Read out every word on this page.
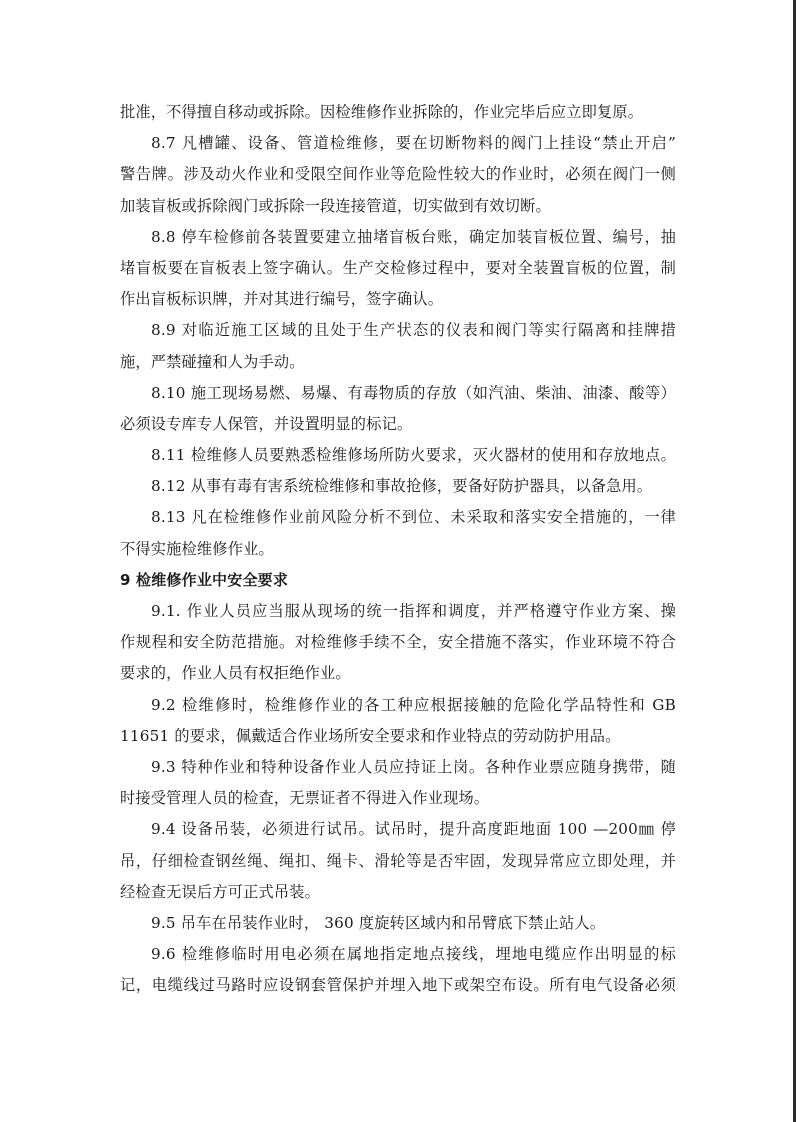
批准，不得擅自移动或拆除。因检维修作业拆除的，作业完毕后应立即复原。
8.7 凡槽罐、设备、管道检维修，要在切断物料的阀门上挂设“禁止开启”
警告牌。涉及动火作业和受限空间作业等危险性较大的作业时，必须在阀门一侧
加装盲板或拆除阀门或拆除一段连接管道，切实做到有效切断。
8.8 停车检修前各装置要建立抽堵盲板台账，确定加装盲板位置、编号，抽
堵盲板要在盲板表上签字确认。生产交检修过程中，要对全装置盲板的位置，制
作出盲板标识牌，并对其进行编号，签字确认。
8.9 对临近施工区域的且处于生产状态的仪表和阀门等实行隔离和挂牌措
施，严禁碰撞和人为手动。
8.10 施工现场易燃、易爆、有毒物质的存放（如汽油、柴油、油漆、酸等）
必须设专库专人保管，并设置明显的标记。
8.11 检维修人员要熟悉检维修场所防火要求，灭火器材的使用和存放地点。
8.12 从事有毒有害系统检维修和事故抢修，要备好防护器具，以备急用。
8.13 凡在检维修作业前风险分析不到位、未采取和落实安全措施的，一律
不得实施检维修作业。
9 检维修作业中安全要求
9.1. 作业人员应当服从现场的统一指挥和调度，并严格遵守作业方案、操
作规程和安全防范措施。对检维修手续不全，安全措施不落实，作业环境不符合
要求的，作业人员有权拒绝作业。
9.2 检维修时，检维修作业的各工种应根据接触的危险化学品特性和 GB
11651 的要求，佩戴适合作业场所安全要求和作业特点的劳动防护用品。
9.3 特种作业和特种设备作业人员应持证上岗。各种作业票应随身携带，随
时接受管理人员的检查，无票证者不得进入作业现场。
9.4 设备吊装，必须进行试吊。试吊时，提升高度距地面 100 —200㎜ 停
吊，仔细检查钢丝绳、绳扣、绳卡、滑轮等是否牢固，发现异常应立即处理，并
经检查无误后方可正式吊装。
9.5 吊车在吊装作业时， 360 度旋转区域内和吊臂底下禁止站人。
9.6 检维修临时用电必须在属地指定地点接线，埋地电缆应作出明显的标
记，电缆线过马路时应设钢套管保护并埋入地下或架空布设。所有电气设备必须
